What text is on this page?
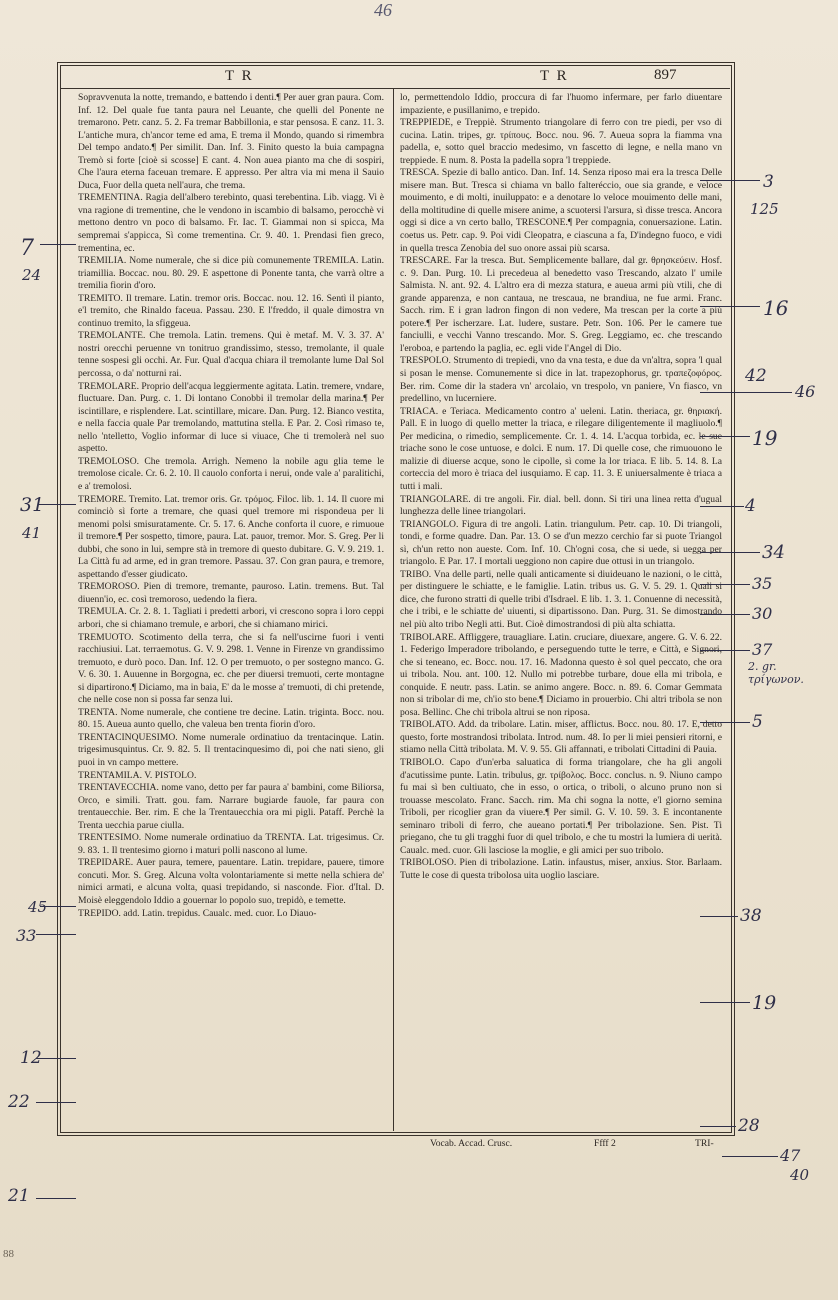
46
T R	T R	897

Sopravvenuta la notte, tremando, e battendo i denti.¶ Per auer gran paura. Com. Inf. 12. Del quale fue tanta paura nel Leuante, che quelli del Ponente ne tremarono. Petr. canz. 5. 2. Fa tremar Babbillonia, e star pensosa. E canz. 11. 3. L'antiche mura, ch'ancor teme ed ama, E trema il Mondo, quando si rimembra Del tempo andato.¶ Per similit. Dan. Inf. 3. Finito questo la buia campagna Tremò si forte [cioè si scosse] E cant. 4. Non auea pianto ma che di sospiri, Che l'aura eterna faceuan tremare. E appresso. Per altra via mi mena il Sauio Duca, Fuor della queta nell'aura, che trema.

TREMENTINA. Ragia dell'albero terebinto, quasi terebentina. Lib. viagg. Vi è vna ragione di trementine, che le vendono in iscambio di balsamo, perocchè vi mettono dentro vn poco di balsamo. Fr. Iac. T. Giammai non si spicca, Ma sempremai s'appicca, Sì come trementina. Cr. 9. 40. 1. Prendasi fien greco, trementina, ec.

TREMILIA. Nome numerale, che si dice più comunemente TREMILA. Latin. triamillia. Boccac. nou. 80. 29. E aspettone di Ponente tanta, che varrà oltre a tremilia fiorin d'oro.

TREMITO. Il tremare. Latin. tremor oris. Boccac. nou. 12. 16. Sentì il pianto, e'l tremito, che Rinaldo faceua. Passau. 230. E l'freddo, il quale dimostra vn continuo tremito, la sfiggeua.

TREMOLANTE. Che tremola. Latin. tremens. Qui è metaf. M. V. 3. 37. A' nostri orecchi peruenne vn tonitruo grandissimo, stesso, tremolante, il quale tenne sospesi gli occhi. Ar. Fur. Qual d'acqua chiara il tremolante lume Dal Sol percossa, o da' notturni rai.

TREMOLARE. Proprio dell'acqua leggiermente agitata. Latin. tremere, vndare, fluctuare. Dan. Purg. c. 1. Di lontano Conobbi il tremolar della marina.¶ Per iscintillare, e risplendere. Lat. scintillare, micare. Dan. Purg. 12. Bianco vestita, e nella faccia quale Par tremolando, mattutina stella. E Par. 2. Così rimaso te, nello 'ntelletto, Voglio informar di luce si viuace, Che ti tremolerà nel suo aspetto.

TREMOLOSO. Che tremola. Arrigh. Nemeno la nobile agu glia teme le tremolose cicale. Cr. 6. 2. 10. Il cauolo conforta i nerui, onde vale a' paralitichi, e a' tremolosi.

TREMORE. Tremito. Lat. tremor oris. Gr. τρόμος. Filoc. lib. 1. 14. Il cuore mi cominciò sì forte a tremare, che quasi quel tremore mi rispondeua per li menomi polsi smisuratamente. Cr. 5. 17. 6. Anche conforta il cuore, e rimuoue il tremore.¶ Per sospetto, timore, paura. Lat. pauor, tremor. Mor. S. Greg. Per li dubbi, che sono in lui, sempre stà in tremore di questo dubitare. G. V. 9. 219. 1. La Città fu ad arme, ed in gran tremore. Passau. 37. Con gran paura, e tremore, aspettando d'esser giudicato.

TREMOROSO. Pien di tremore, tremante, pauroso. Latin. tremens. But. Tal diuenn'io, ec. così tremoroso, uedendo la fiera.

TREMULA. Cr. 2. 8. 1. Tagliati i predetti arbori, vi crescono sopra i loro ceppi arbori, che si chiamano tremule, e arbori, che si chiamano mirici.

TREMUOTO. Scotimento della terra, che si fa nell'uscirne fuori i venti racchiusiui. Lat. terraemotus. G. V. 9. 298. 1. Venne in Firenze vn grandissimo tremuoto, e durò poco. Dan. Inf. 12. O per tremuoto, o per sostegno manco. G. V. 6. 30. 1. Auuenne in Borgogna, ec. che per diuersi tremuoti, certe montagne si dipartirono.¶ Diciamo, ma in baia, E' da le mosse a' tremuoti, di chi pretende, che nelle cose non si possa far senza lui.

TRENTA. Nome numerale, che contiene tre decine. Latin. triginta. Bocc. nou. 80. 15. Aueua aunto quello, che valeua ben trenta fiorin d'oro.

TRENTACINQUESIMO. Nome numerale ordinatiuo da trentacinque. Latin. trigesimusquintus. Cr. 9. 82. 5. Il trentacinquesimo dì, poi che nati sieno, gli puoi in vn campo mettere.

TRENTAMILA. V. PISTOLO.

TRENTAVECCHIA. nome vano, detto per far paura a' bambini, come Biliorsa, Orco, e simili. Tratt. gou. fam. Narrare bugiarde fauole, far paura con trentauecchie. Ber. rim. E che la Trentauecchia ora mi pigli. Pataff. Perchè la Trenta uecchia parue ciulla.

TRENTESIMO. Nome numerale ordinatiuo da TRENTA. Lat. trigesimus. Cr. 9. 83. 1. Il trentesimo giorno i maturi polli nascono al lume.

TREPIDARE. Auer paura, temere, pauentare. Latin. trepidare, pauere, timore concuti. Mor. S. Greg. Alcuna volta volontariamente si mette nella schiera de' nimici armati, e alcuna volta, quasi trepidando, si nasconde. Fior. d'Ital. D. Moisè eleggendolo Iddio a gouernar lo popolo suo, trepidò, e temette.

TREPIDO. add. Latin. trepidus. Caualc. med. cuor. Lo Diauo-

lo, permettendolo Iddio, proccura di far l'huomo infermare, per farlo diuentare impaziente, e pusillanimo, e trepido.

TREPPIEDE, e Treppiè. Strumento triangolare di ferro con tre piedi, per vso di cucina. Latin. tripes, gr. τρίπους. Bocc. nou. 96. 7. Aueua sopra la fiamma vna padella, e, sotto quel braccio medesimo, vn fascetto di legne, e nella mano vn treppiede. E num. 8. Posta la padella sopra 'l treppiede.

TRESCA. Spezie di ballo antico. Dan. Inf. 14. Senza riposo mai era la tresca Delle misere man. But. Tresca si chiama vn ballo falteréccio, oue sia grande, e veloce mouimento, e di molti, inuiluppato: e a denotare lo veloce mouimento delle mani, della moltitudine di quelle misere anime, a scuotersi l'arsura, sì disse tresca. Ancora oggi si dice a vn certo ballo, TRESCONE.¶ Per compagnia, conuersazione. Latin. coetus us. Petr. cap. 9. Poi vidi Cleopatra, e ciascuna a fa, D'indegno fuoco, e vidi in quella tresca Zenobia del suo onore assai più scarsa.

TRESCARE. Far la tresca. But. Semplicemente ballare, dal gr. θρησκεύειν. Hosf. c. 9. Dan. Purg. 10. Li precedeua al benedetto vaso Trescando, alzato l' umile Salmista. N. ant. 92. 4. L'altro era di mezza statura, e aueua armi più vtili, che di grande apparenza, e non cantaua, ne trescaua, ne brandiua, ne fue armi. Franc. Sacch. rim. E i gran ladron fingon di non vedere, Ma trescan per la corte a più potere.¶ Per ischerzare. Lat. ludere, sustare. Petr. Son. 106. Per le camere tue fanciulli, e vecchi Vanno trescando. Mor. S. Greg. Leggiamo, ec. che trescando l'eroboa, e partendo la paglia, ec. egli vide l'Angel di Dio.

TRESPOLO. Strumento di trepiedi, vno da vna testa, e due da vn'altra, sopra 'l qual si posan le mense. Comunemente si dice in lat. trapezophorus, gr. τραπεζοφόρος. Ber. rim. Come dir la stadera vn' arcolaio, vn trespolo, vn paniere, Vn fiasco, vn predellino, vn lucerniere.

TRIACA. e Teriaca. Medicamento contro a' ueleni. Latin. theriaca, gr. θηριακή. Pall. E in luogo di quello metter la triaca, e rilegare diligentemente il magliuolo.¶ Per medicina, o rimedio, semplicemente. Cr. 1. 4. 14. L'acqua torbida, ec. le sue triache sono le cose untuose, e dolci. E num. 17. Di quelle cose, che rimuouono le malizie di diuerse acque, sono le cipolle, sì come la lor triaca. E lib. 5. 14. 8. La corteccia del moro è triaca del iusquiamo. E cap. 11. 3. E uniuersalmente è triaca a tutti i mali.

TRIANGOLARE. di tre angoli. Fir. dial. bell. donn. Si tiri una linea retta d'ugual lunghezza delle linee triangolari.

TRIANGOLO. Figura di tre angoli. Latin. triangulum. Petr. cap. 10. Di triangoli, tondi, e forme quadre. Dan. Par. 13. O se d'un mezzo cerchio far si puote Triangol sì, ch'un retto non aueste. Com. Inf. 10. Ch'ogni cosa, che si uede, si uegga per triangolo. E Par. 17. I mortali ueggiono non capire due ottusi in un triangolo.

TRIBO. Vna delle parti, nelle quali anticamente si diuideuano le nazioni, o le città, per distinguere le schiatte, e le famiglie. Latin. tribus us. G. V. 5. 29. 1. Quali si dice, che furono stratti di quelle tribi d'Isdrael. E lib. 1. 3. 1. Conuenne di necessità, che i tribi, e le schiatte de' uiuenti, si dipartissono. Dan. Purg. 31. Se dimostrando nel più alto tribo Negli atti. But. Cioè dimostrandosi di più alta schiatta.

TRIBOLARE. Affliggere, trauagliare. Latin. cruciare, diuexare, angere. G. V. 6. 22. 1. Federigo Imperadore tribolando, e perseguendo tutte le terre, e Città, e Signori, che si teneano, ec. Bocc. nou. 17. 16. Madonna questo è sol quel peccato, che ora ui tribola. Nou. ant. 100. 12. Nullo mi potrebbe turbare, doue ella mi tribola, e conquide. E neutr. pass. Latin. se animo angere. Bocc. n. 89. 6. Comar Gemmata non si tribolar di me, ch'io sto bene.¶ Diciamo in prouerbio. Chi altri tribola se non posa. Bellinc. Che chi tribola altrui se non riposa.

TRIBOLATO. Add. da tribolare. Latin. miser, afflictus. Bocc. nou. 80. 17. E, detto questo, forte mostrandosi tribolata. Introd. num. 48. Io per li miei pensieri ritorni, e stiamo nella Città tribolata. M. V. 9. 55. Gli affannati, e tribolati Cittadini di Pauia.

TRIBOLO. Capo d'un'erba saluatica di forma triangolare, che ha gli angoli d'acutissime punte. Latin. tribulus, gr. τρίβολος. Bocc. conclus. n. 9. Niuno campo fu mai sì ben cultiuato, che in esso, o ortica, o triboli, o alcuno pruno non si trouasse mescolato. Franc. Sacch. rim. Ma chi sogna la notte, e'l giorno semina Triboli, per ricoglier gran da viuere.¶ Per simil. G. V. 10. 59. 3. E incontanente seminaro triboli di ferro, che aueano portati.¶ Per tribolazione. Sen. Pist. Ti priegano, che tu gli tragghi fuor di quel tribolo, e che tu mostri la lumiera di uerità. Caualc. med. cuor. Gli lasciose la moglie, e gli amici per suo tribolo.

TRIBOLOSO. Pien di tribolazione. Latin. infaustus, miser, anxius. Stor. Barlaam. Tutte le cose di questa tribolosa uita uoglio lasciare.

Vocab. Accad. Crusc.	Ffff 2	TRI-
88
7
24
31
41
45
33
12
22
21
3
125
16
42
46
19
4
34
35
30
37
2. gr. τρίγωνον.
5
38
19
28
47
40
